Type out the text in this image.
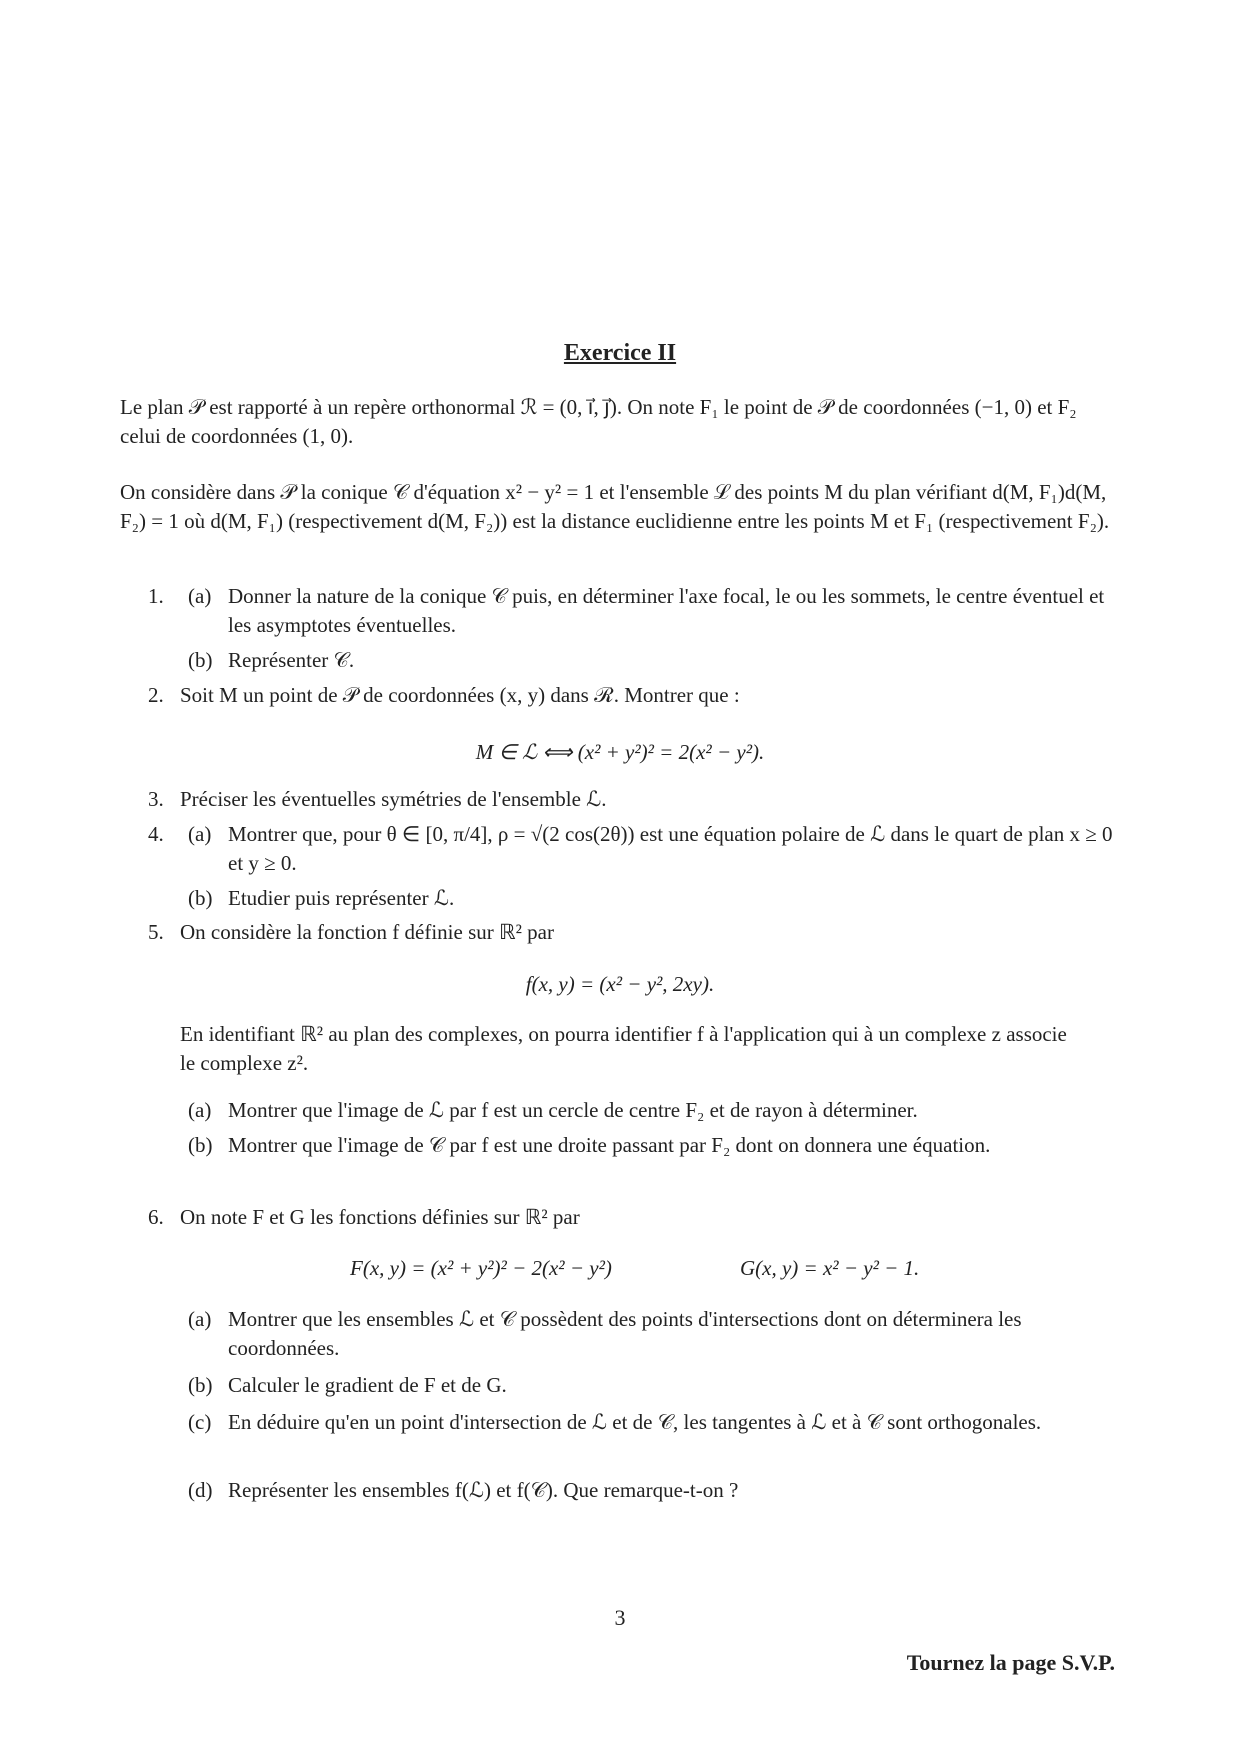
Exercice II
Le plan 𝒫 est rapporté à un repère orthonormal ℛ = (0, i⃗, j⃗). On note F₁ le point de 𝒫 de coordonnées (−1, 0) et F₂ celui de coordonnées (1, 0).
On considère dans 𝒫 la conique 𝒞 d'équation x² − y² = 1 et l'ensemble ℒ des points M du plan vérifiant d(M, F₁)d(M, F₂) = 1 où d(M, F₁) (respectivement d(M, F₂)) est la distance euclidienne entre les points M et F₁ (respectivement F₂).
1. (a) Donner la nature de la conique 𝒞 puis, en déterminer l'axe focal, le ou les sommets, le centre éventuel et les asymptotes éventuelles.
(b) Représenter 𝒞.
2. Soit M un point de 𝒫 de coordonnées (x, y) dans ℛ. Montrer que :
M ∈ ℒ ⟺ (x² + y²)² = 2(x² − y²).
3. Préciser les éventuelles symétries de l'ensemble ℒ.
4. (a) Montrer que, pour θ ∈ [0, π/4], ρ = √(2 cos(2θ)) est une équation polaire de ℒ dans le quart de plan x ≥ 0 et y ≥ 0.
(b) Etudier puis représenter ℒ.
5. On considère la fonction f définie sur ℝ² par
f(x, y) = (x² − y², 2xy).
En identifiant ℝ² au plan des complexes, on pourra identifier f à l'application qui à un complexe z associe le complexe z².
(a) Montrer que l'image de ℒ par f est un cercle de centre F₂ et de rayon à déterminer.
(b) Montrer que l'image de 𝒞 par f est une droite passant par F₂ dont on donnera une équation.
6. On note F et G les fonctions définies sur ℝ² par
F(x, y) = (x² + y²)² − 2(x² − y²)	G(x, y) = x² − y² − 1.
(a) Montrer que les ensembles ℒ et 𝒞 possèdent des points d'intersections dont on déterminera les coordonnées.
(b) Calculer le gradient de F et de G.
(c) En déduire qu'en un point d'intersection de ℒ et de 𝒞, les tangentes à ℒ et à 𝒞 sont orthogonales.
(d) Représenter les ensembles f(ℒ) et f(𝒞). Que remarque-t-on ?
3
Tournez la page S.V.P.
